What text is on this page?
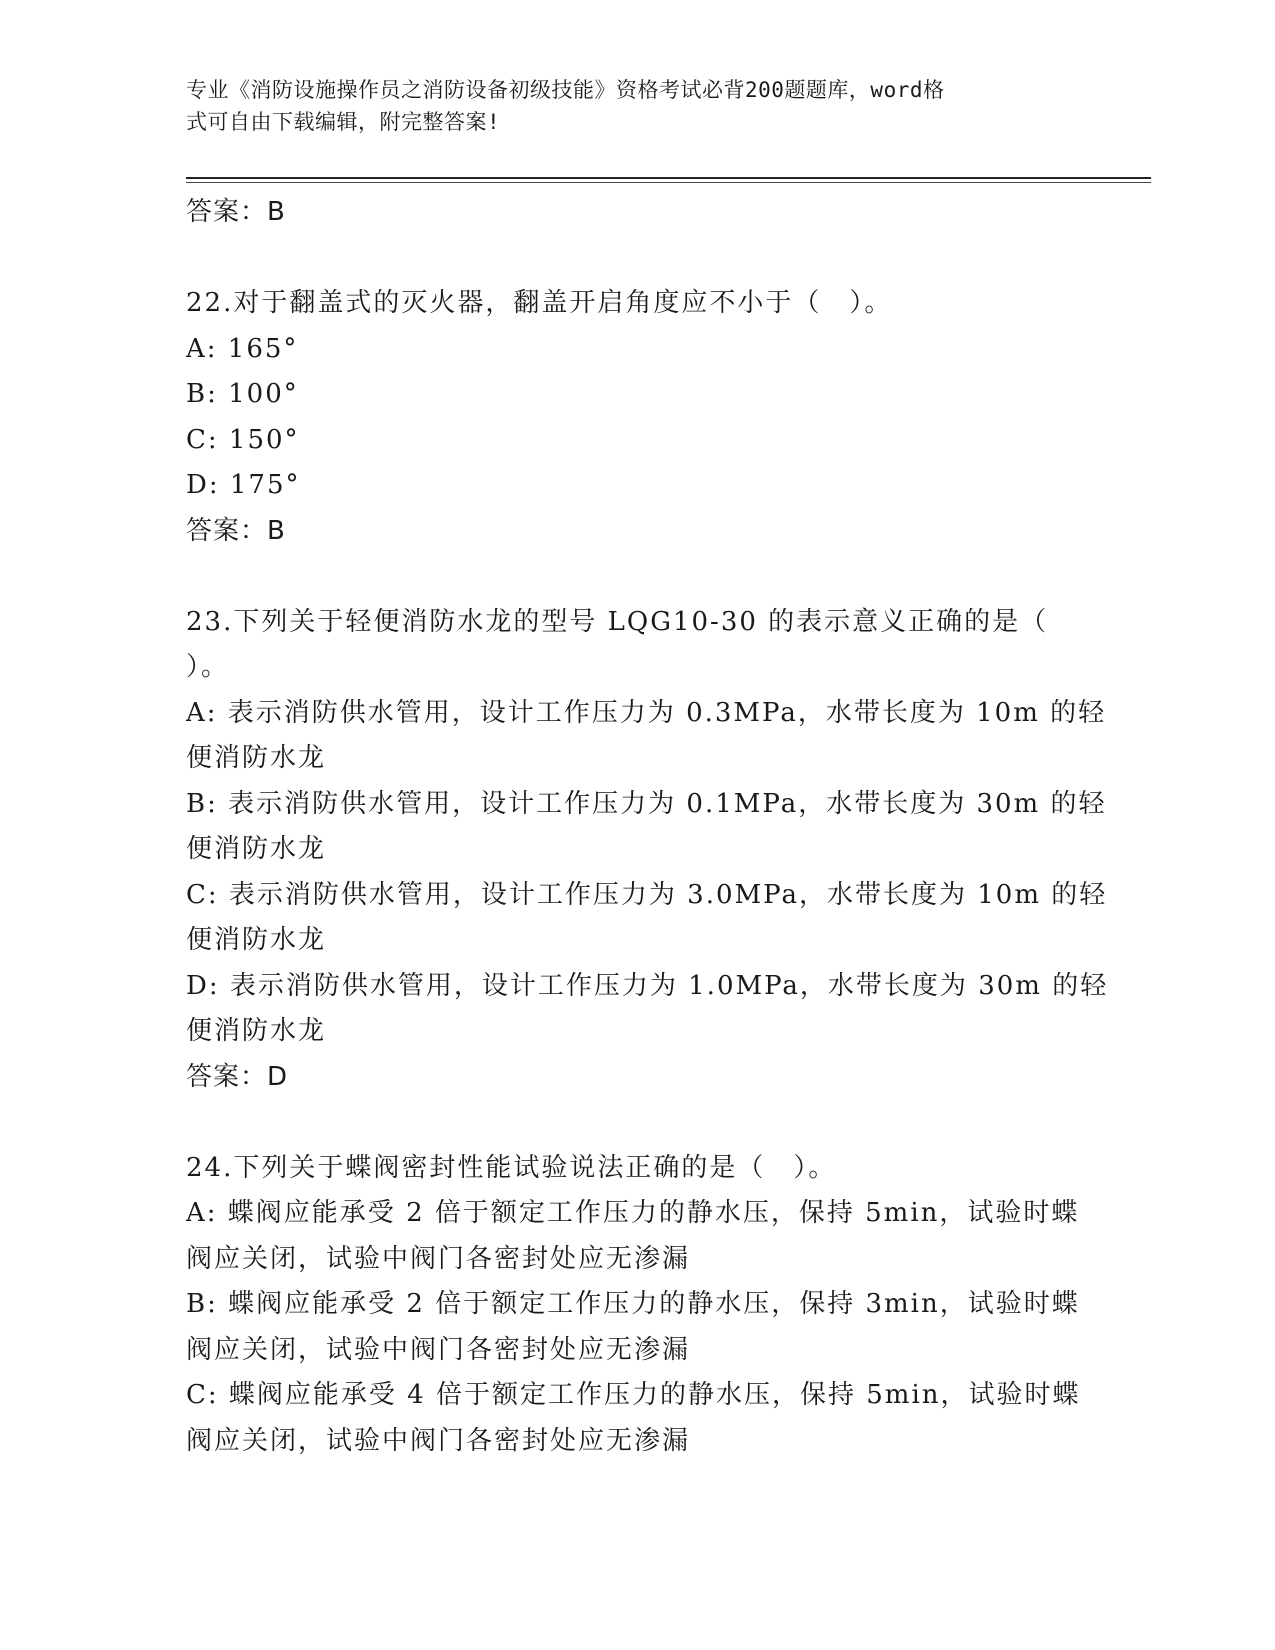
专业《消防设施操作员之消防设备初级技能》资格考试必背200题题库，word格
式可自由下载编辑，附完整答案!
答案：B
22.对于翻盖式的灭火器，翻盖开启角度应不小于（　）。
A: 165°
B: 100°
C: 150°
D: 175°
答案：B
23.下列关于轻便消防水龙的型号 LQG10-30 的表示意义正确的是（
）。
A: 表示消防供水管用，设计工作压力为 0.3MPa，水带长度为 10m 的轻
便消防水龙
B: 表示消防供水管用，设计工作压力为 0.1MPa，水带长度为 30m 的轻
便消防水龙
C: 表示消防供水管用，设计工作压力为 3.0MPa，水带长度为 10m 的轻
便消防水龙
D: 表示消防供水管用，设计工作压力为 1.0MPa，水带长度为 30m 的轻
便消防水龙
答案：D
24.下列关于蝶阀密封性能试验说法正确的是（　）。
A: 蝶阀应能承受 2 倍于额定工作压力的静水压，保持 5min，试验时蝶
阀应关闭，试验中阀门各密封处应无渗漏
B: 蝶阀应能承受 2 倍于额定工作压力的静水压，保持 3min，试验时蝶
阀应关闭，试验中阀门各密封处应无渗漏
C: 蝶阀应能承受 4 倍于额定工作压力的静水压，保持 5min，试验时蝶
阀应关闭，试验中阀门各密封处应无渗漏
